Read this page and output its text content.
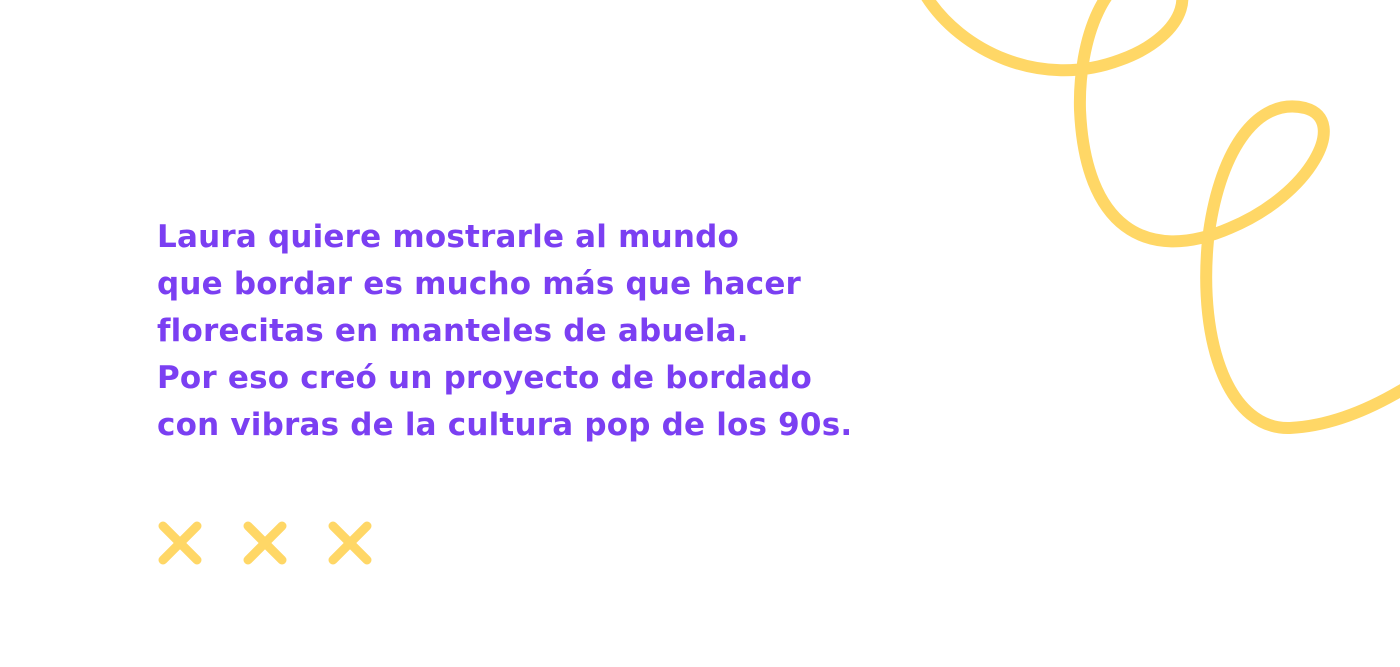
Laura quiere mostrarle al mundo
que bordar es mucho más que hacer
florecitas en manteles de abuela.
Por eso creó un proyecto de bordado
con vibras de la cultura pop de los 90s.
